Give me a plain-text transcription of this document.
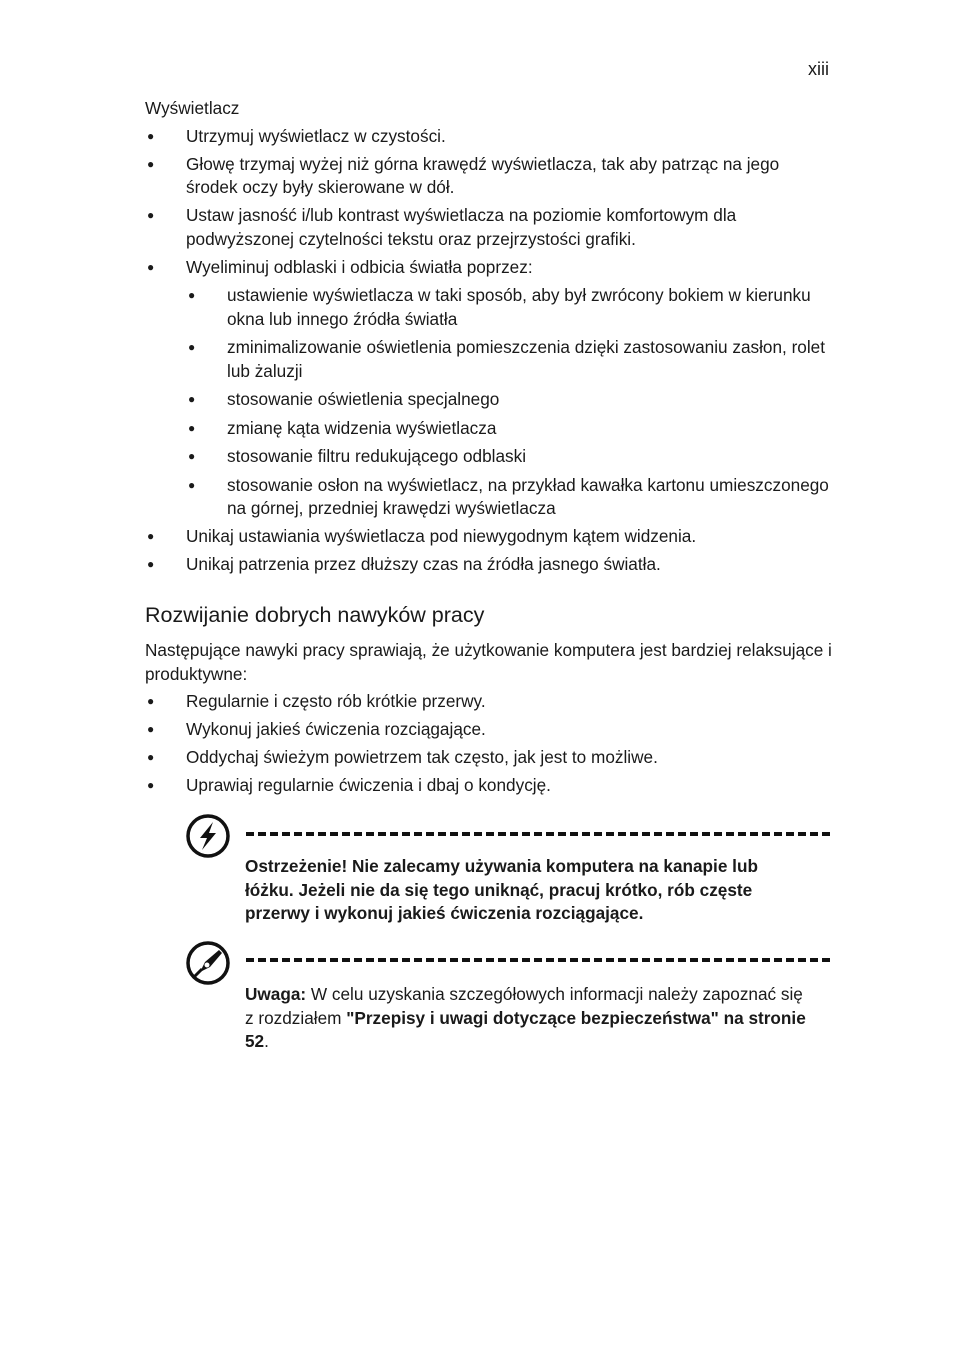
xiii
Wyświetlacz
● Utrzymuj wyświetlacz w czystości.
● Głowę trzymaj wyżej niż górna krawędź wyświetlacza, tak aby patrząc na jego środek oczy były skierowane w dół.
● Ustaw jasność i/lub kontrast wyświetlacza na poziomie komfortowym dla podwyższonej czytelności tekstu oraz przejrzystości grafiki.
● Wyeliminuj odblaski i odbicia światła poprzez:
● ustawienie wyświetlacza w taki sposób, aby był zwrócony bokiem w kierunku okna lub innego źródła światła
● zminimalizowanie oświetlenia pomieszczenia dzięki zastosowaniu zasłon, rolet lub żaluzji
● stosowanie oświetlenia specjalnego
● zmianę kąta widzenia wyświetlacza
● stosowanie filtru redukującego odblaski
● stosowanie osłon na wyświetlacz, na przykład kawałka kartonu umieszczonego na górnej, przedniej krawędzi wyświetlacza
● Unikaj ustawiania wyświetlacza pod niewygodnym kątem widzenia.
● Unikaj patrzenia przez dłuższy czas na źródła jasnego światła.
Rozwijanie dobrych nawyków pracy

Następujące nawyki pracy sprawiają, że użytkowanie komputera jest bardziej relaksujące i produktywne:

● Regularnie i często rób krótkie przerwy.
● Wykonuj jakieś ćwiczenia rozciągające.
● Oddychaj świeżym powietrzem tak często, jak jest to możliwe.
● Uprawiaj regularnie ćwiczenia i dbaj o kondycję.
Ostrzeżenie! Nie zalecamy używania komputera na kanapie lub łóżku. Jeżeli nie da się tego uniknąć, pracuj krótko, rób częste przerwy i wykonuj jakieś ćwiczenia rozciągające.
Uwaga: W celu uzyskania szczegółowych informacji należy zapoznać się z rozdziałem "Przepisy i uwagi dotyczące bezpieczeństwa" na stronie 52.
